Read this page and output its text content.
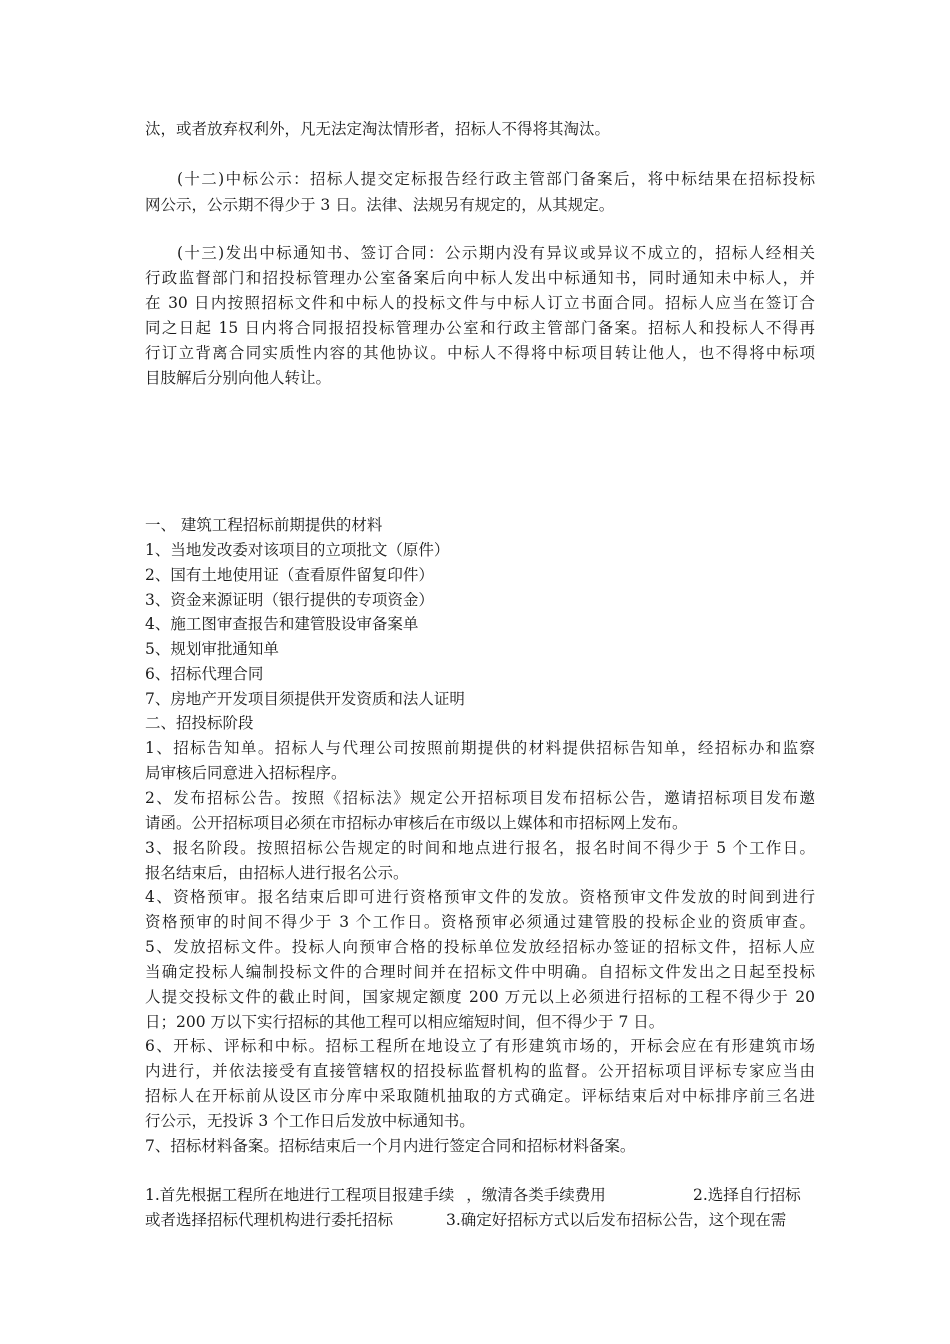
汰，或者放弃权利外，凡无法定淘汰情形者，招标人不得将其淘汰。
(十二)中标公示：招标人提交定标报告经行政主管部门备案后，将中标结果在招标投标
网公示，公示期不得少于 3 日。法律、法规另有规定的，从其规定。
(十三)发出中标通知书、签订合同：公示期内没有异议或异议不成立的，招标人经相关
行政监督部门和招投标管理办公室备案后向中标人发出中标通知书，同时通知未中标人，并
在 30 日内按照招标文件和中标人的投标文件与中标人订立书面合同。招标人应当在签订合
同之日起 15 日内将合同报招投标管理办公室和行政主管部门备案。招标人和投标人不得再
行订立背离合同实质性内容的其他协议。中标人不得将中标项目转让他人，也不得将中标项
目肢解后分别向他人转让。
一、 建筑工程招标前期提供的材料
1、当地发改委对该项目的立项批文（原件）
2、国有土地使用证（查看原件留复印件）
3、资金来源证明（银行提供的专项资金）
4、施工图审查报告和建管股设审备案单
5、规划审批通知单
6、招标代理合同
7、房地产开发项目须提供开发资质和法人证明
二、招投标阶段
1、招标告知单。招标人与代理公司按照前期提供的材料提供招标告知单，经招标办和监察
局审核后同意进入招标程序。
2、发布招标公告。按照《招标法》规定公开招标项目发布招标公告，邀请招标项目发布邀
请函。公开招标项目必须在市招标办审核后在市级以上媒体和市招标网上发布。
3、报名阶段。按照招标公告规定的时间和地点进行报名，报名时间不得少于 5 个工作日。
报名结束后，由招标人进行报名公示。
4、资格预审。报名结束后即可进行资格预审文件的发放。资格预审文件发放的时间到进行
资格预审的时间不得少于 3 个工作日。资格预审必须通过建管股的投标企业的资质审查。
5、发放招标文件。投标人向预审合格的投标单位发放经招标办签证的招标文件，招标人应
当确定投标人编制投标文件的合理时间并在招标文件中明确。自招标文件发出之日起至投标
人提交投标文件的截止时间，国家规定额度 200 万元以上必须进行招标的工程不得少于 20
日；200 万以下实行招标的其他工程可以相应缩短时间，但不得少于 7 日。
6、开标、评标和中标。招标工程所在地设立了有形建筑市场的，开标会应在有形建筑市场
内进行，并依法接受有直接管辖权的招投标监督机构的监督。公开招标项目评标专家应当由
招标人在开标前从设区市分库中采取随机抽取的方式确定。评标结束后对中标排序前三名进
行公示，无投诉 3 个工作日后发放中标通知书。
7、招标材料备案。招标结束后一个月内进行签定合同和招标材料备案。
1.首先根据工程所在地进行工程项目报建手续 ，缴清各类手续费用	2.选择自行招标
或者选择招标代理机构进行委托招标	3.确定好招标方式以后发布招标公告，这个现在需
